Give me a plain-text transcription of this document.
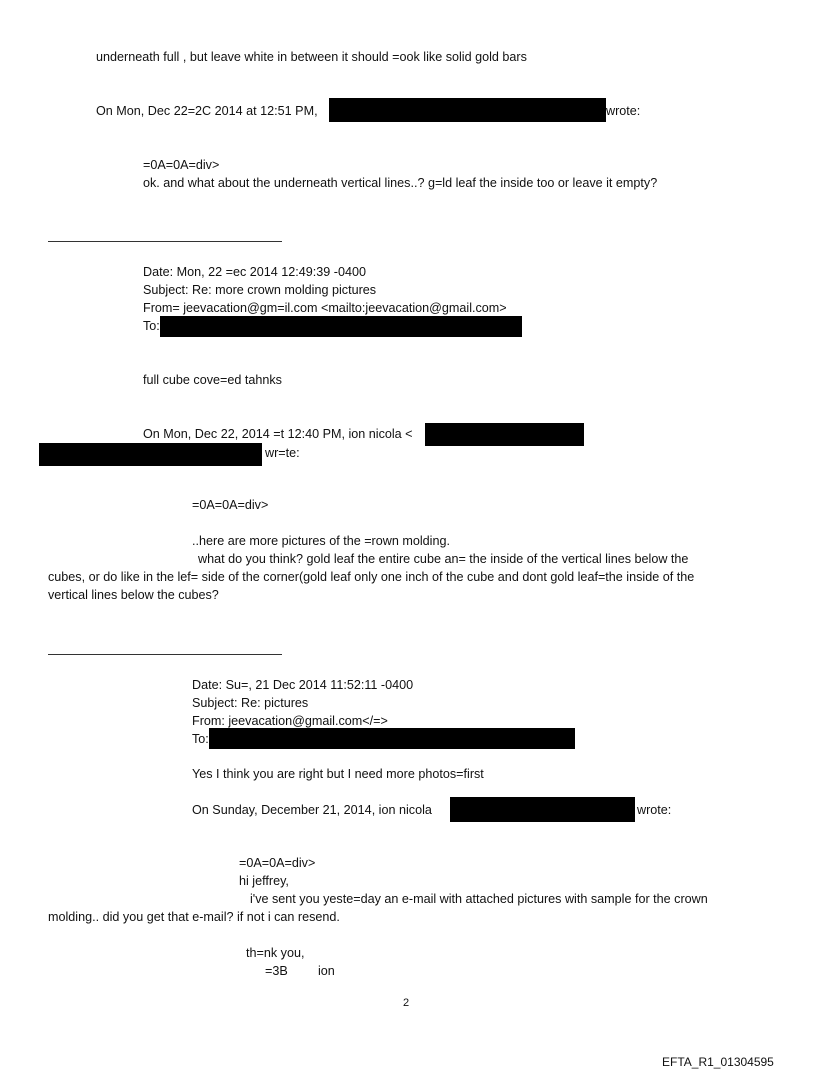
underneath full , but leave white in between it should =ook like solid gold bars
On Mon, Dec 22=2C 2014 at 12:51 PM,	wrote:
=0A=0A=div>
ok. and what about the underneath vertical lines..? g=ld leaf the inside too or leave it empty?
Date: Mon, 22 =ec 2014 12:49:39 -0400
Subject: Re: more crown molding pictures
From= jeevacation@gm=il.com <mailto:jeevacation@gmail.com>
To:
full cube cove=ed tahnks
On Mon, Dec 22, 2014 =t 12:40 PM, ion nicola <
wr=te:
=0A=0A=div>
..here are more pictures of the =rown molding.
what do you think? gold leaf the entire cube an= the inside of the vertical lines below the
cubes, or do like in the lef= side of the corner(gold leaf only one inch of the cube and dont gold leaf=the inside of the
vertical lines below the cubes?
Date: Su=, 21 Dec 2014 11:52:11 -0400
Subject: Re: pictures
From: jeevacation@gmail.com</=>
To:
Yes I think you are right but I need more photos=first
On Sunday, December 21, 2014, ion nicola	wrote:
=0A=0A=div>
hi jeffrey,
i've sent you yeste=day an e-mail with attached pictures with sample for the crown
molding.. did you get that e-mail? if not i can resend.
th=nk you,
=3B ion
2
EFTA_R1_01304595
